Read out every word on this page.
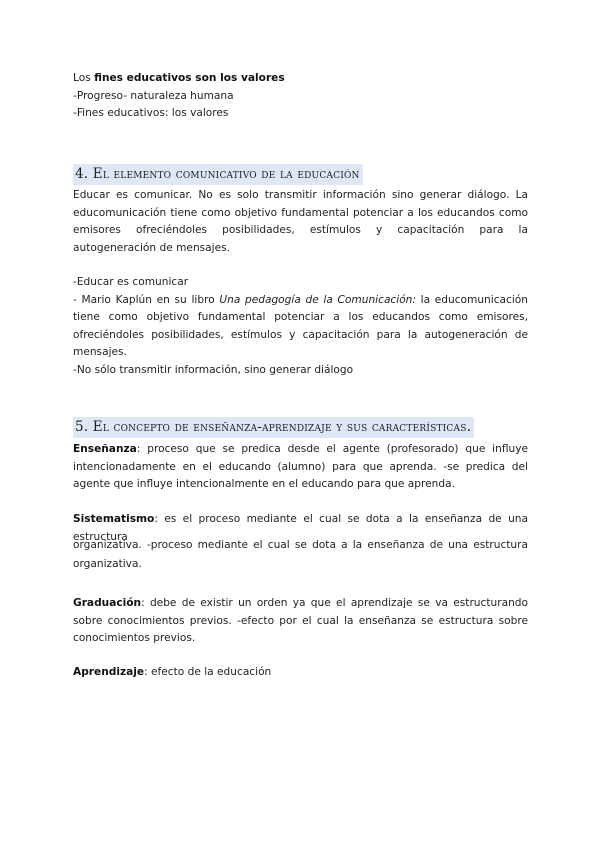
Los fines educativos son los valores
-Progreso- naturaleza humana
-Fines educativos: los valores
4. El elemento comunicativo de la educación
Educar es comunicar. No es solo transmitir información sino generar diálogo. La educomunicación tiene como objetivo fundamental potenciar a los educandos como emisores ofreciéndoles posibilidades, estímulos y capacitación para la autogeneración de mensajes.
-Educar es comunicar
- Mario Kaplún en su libro Una pedagogía de la Comunicación: la educomunicación tiene como objetivo fundamental potenciar a los educandos como emisores, ofreciéndoles posibilidades, estímulos y capacitación para la autogeneración de mensajes.
-No sólo transmitir información, sino generar diálogo
5. El concepto de enseñanza-aprendizaje y sus características.
Enseñanza: proceso que se predica desde el agente (profesorado) que influye intencionadamente en el educando (alumno) para que aprenda. -se predica del agente que influye intencionalmente en el educando para que aprenda.
Sistematismo: es el proceso mediante el cual se dota a la enseñanza de una estructura
organizativa. -proceso mediante el cual se dota a la enseñanza de una estructura
organizativa.
Graduación: debe de existir un orden ya que el aprendizaje se va estructurando sobre conocimientos previos. -efecto por el cual la enseñanza se estructura sobre conocimientos previos.
Aprendizaje: efecto de la educación
